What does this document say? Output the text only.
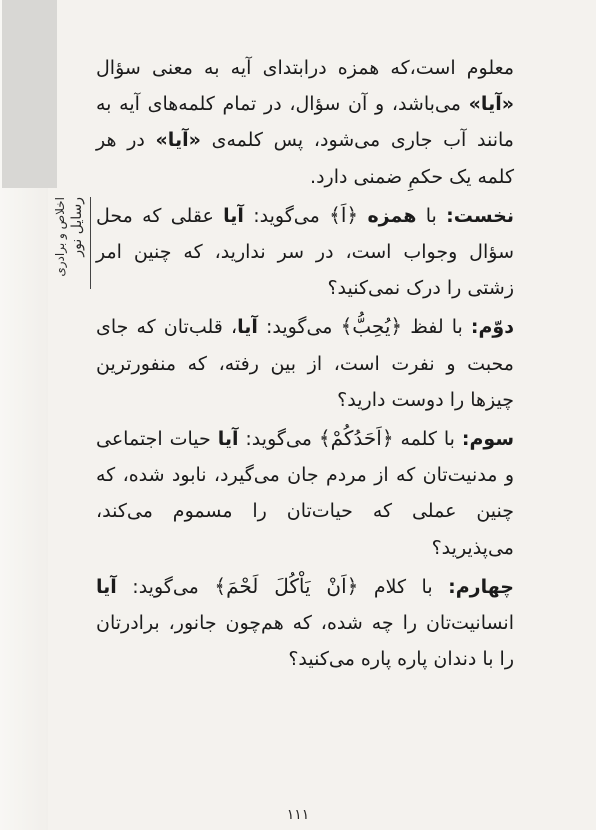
رسایل نور
اخلاص و برادری

معلوم است،که همزه درابتدای آیه به معنی سؤال «آیا» می‌باشد، و آن سؤال، در تمام کلمه‌های آیه به مانند آب جاری می‌شود، پس کلمه‌ی «آیا» در هر کلمه یک حکمِ ضمنی دارد.

نخست: با همزه ﴿اَ﴾ می‌گوید: آیا عقلی که محل سؤال وجواب است، در سر ندارید، که چنین امر زشتی را درک نمی‌کنید؟

دوّم: با لفظ ﴿يُحِبُّ﴾ می‌گوید: آیا، قلب‌تان که جای محبت و نفرت است، از بین رفته، که منفورترین چیزها را دوست دارید؟

سوم: با کلمه ﴿اَحَدُكُمْ﴾ می‌گوید: آیا حیات اجتماعی و مدنیت‌تان که از مردم جان می‌گیرد، نابود شده، که چنین عملی که حیات‌تان را مسموم می‌کند، می‌پذیرید؟

چهارم: با کلام ﴿اَنْ يَاْكُلَ لَحْمَ﴾ می‌گوید: آیا انسانیت‌تان را چه شده، که هم‌چون جانور، برادرتان را با دندان پاره پاره می‌کنید؟

۱۱۱
